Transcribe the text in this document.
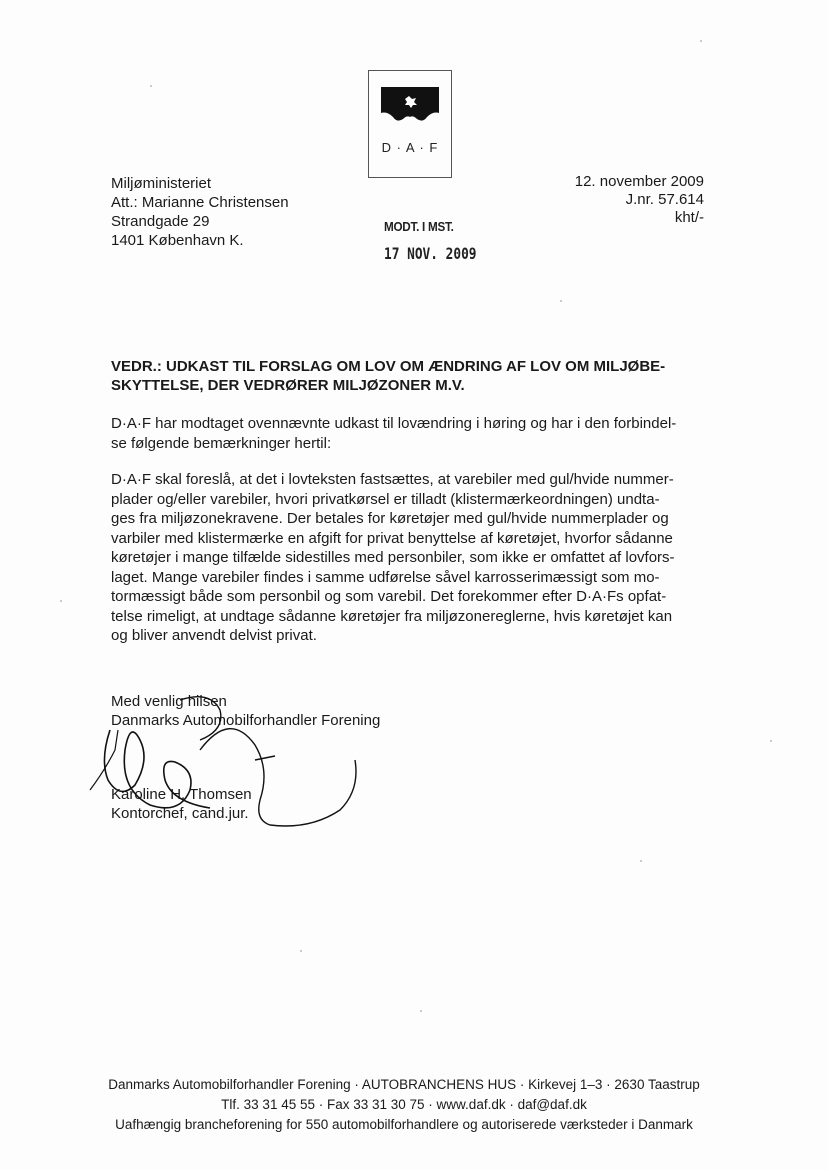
D · A · F
Miljøministeriet
Att.: Marianne Christensen
Strandgade 29
1401 København K.
12. november 2009
J.nr. 57.614
kht/-
MODT. I MST.
17 NOV. 2009
VEDR.: UDKAST TIL FORSLAG OM LOV OM ÆNDRING AF LOV OM MILJØBE-
SKYTTELSE, DER VEDRØRER MILJØZONER M.V.
D·A·F har modtaget ovennævnte udkast til lovændring i høring og har i den forbindel-
se følgende bemærkninger hertil:
D·A·F skal foreslå, at det i lovteksten fastsættes, at varebiler med gul/hvide nummer-
plader og/eller varebiler, hvori privatkørsel er tilladt (klistermærkeordningen) undta-
ges fra miljøzonekravene. Der betales for køretøjer med gul/hvide nummerplader og
varbiler med klistermærke en afgift for privat benyttelse af køretøjet, hvorfor sådanne
køretøjer i mange tilfælde sidestilles med personbiler, som ikke er omfattet af lovfors-
laget. Mange varebiler findes i samme udførelse såvel karrosserimæssigt som mo-
tormæssigt både som personbil og som varebil. Det forekommer efter D·A·Fs opfat-
telse rimeligt, at undtage sådanne køretøjer fra miljøzonereglerne, hvis køretøjet kan
og bliver anvendt delvist privat.
Med venlig hilsen
Danmarks Automobilforhandler Forening
Karoline H. Thomsen
Kontorchef, cand.jur.
Danmarks Automobilforhandler Forening · AUTOBRANCHENS HUS · Kirkevej 1–3 · 2630 Taastrup
Tlf. 33 31 45 55 · Fax 33 31 30 75 · www.daf.dk · daf@daf.dk
Uafhængig brancheforening for 550 automobilforhandlere og autoriserede værksteder i Danmark
